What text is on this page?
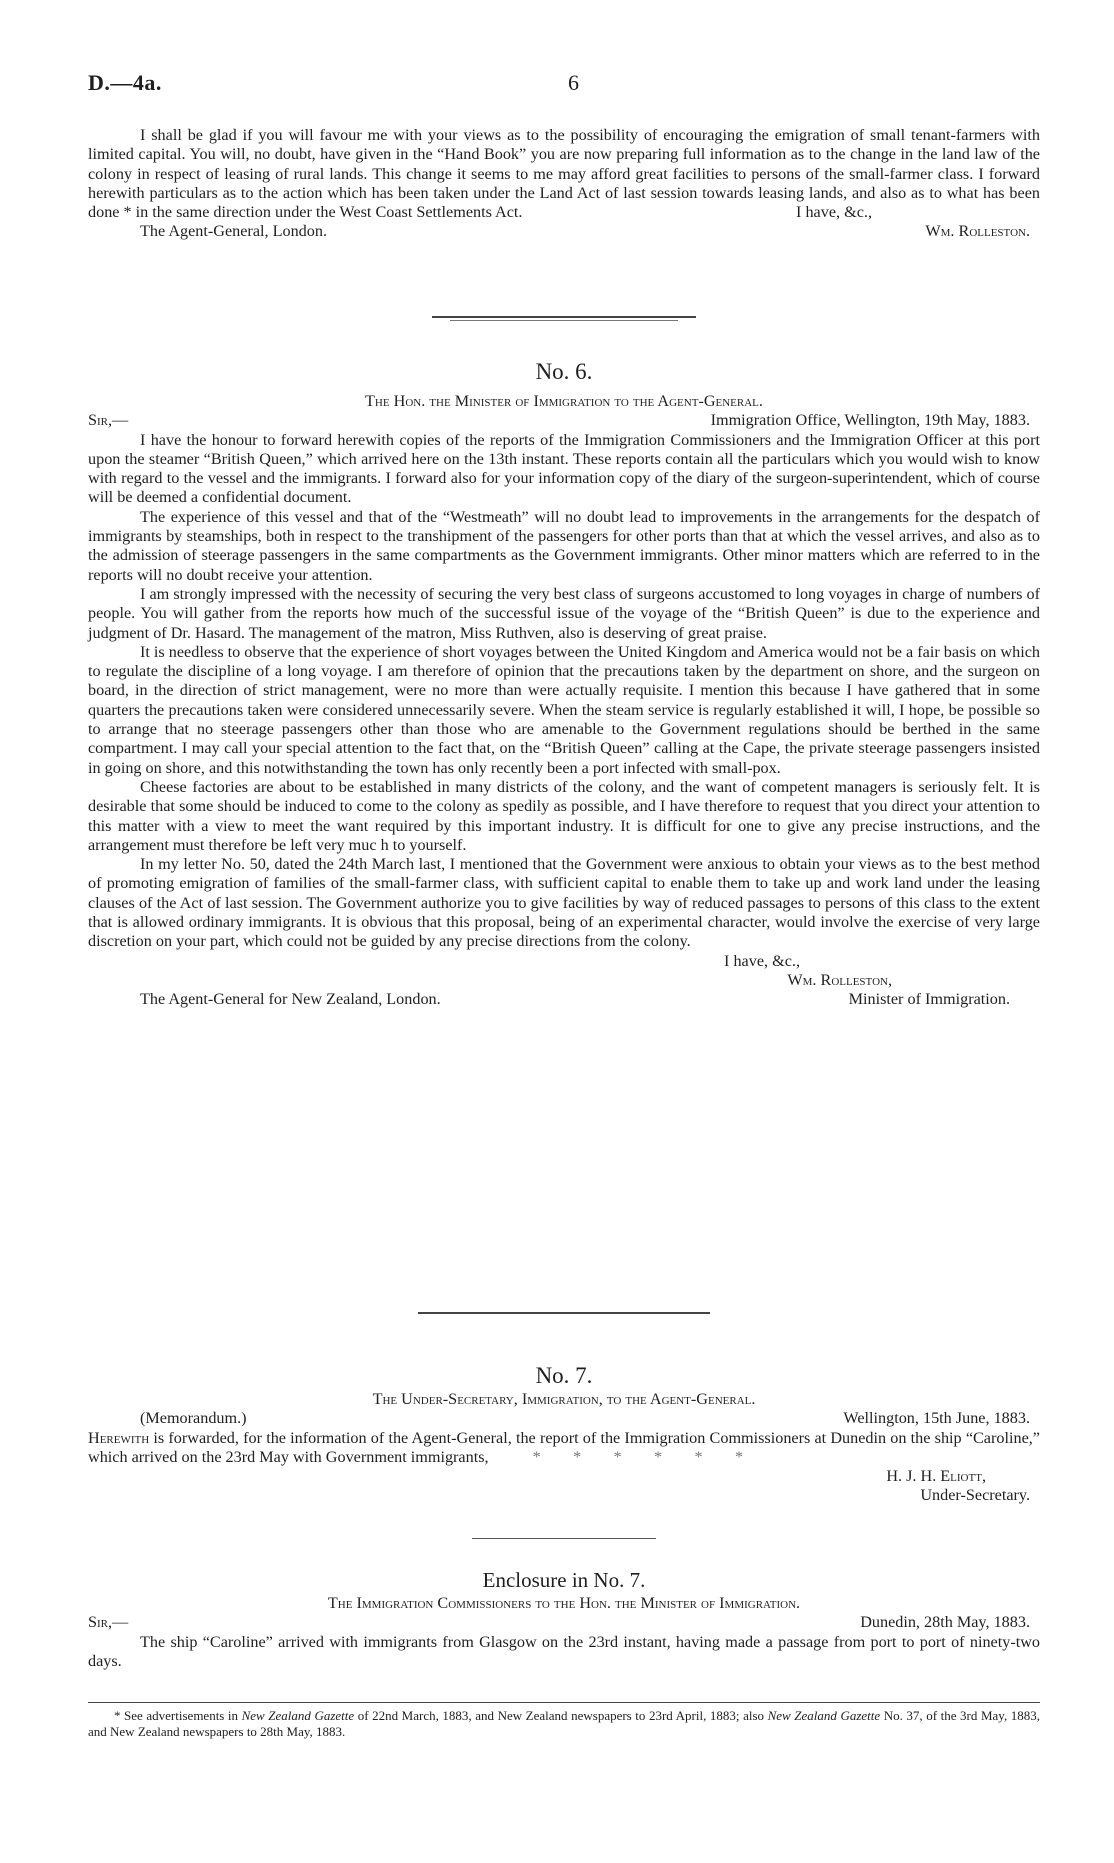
D.—4a.	6

I shall be glad if you will favour me with your views as to the possibility of encouraging the emigration of small tenant-farmers with limited capital. You will, no doubt, have given in the “Hand Book” you are now preparing full information as to the change in the land law of the colony in respect of leasing of rural lands. This change it seems to me may afford great facilities to persons of the small-farmer class. I forward herewith particulars as to the action which has been taken under the Land Act of last session towards leasing lands, and also as to what has been done * in the same direction under the West Coast Settlements Act.	I have, &c.,
The Agent-General, London.	Wm. Rolleston.
No. 6.
The Hon. the Minister of Immigration to the Agent-General.
Sir,—	Immigration Office, Wellington, 19th May, 1883.

I have the honour to forward herewith copies of the reports of the Immigration Commissioners and the Immigration Officer at this port upon the steamer “British Queen,” which arrived here on the 13th instant. These reports contain all the particulars which you would wish to know with regard to the vessel and the immigrants. I forward also for your information copy of the diary of the surgeon-superintendent, which of course will be deemed a confidential document.

The experience of this vessel and that of the “Westmeath” will no doubt lead to improvements in the arrangements for the despatch of immigrants by steamships, both in respect to the transhipment of the passengers for other ports than that at which the vessel arrives, and also as to the admission of steerage passengers in the same compartments as the Government immigrants. Other minor matters which are referred to in the reports will no doubt receive your attention.

I am strongly impressed with the necessity of securing the very best class of surgeons accustomed to long voyages in charge of numbers of people. You will gather from the reports how much of the successful issue of the voyage of the “British Queen” is due to the experience and judgment of Dr. Hasard. The management of the matron, Miss Ruthven, also is deserving of great praise.

It is needless to observe that the experience of short voyages between the United Kingdom and America would not be a fair basis on which to regulate the discipline of a long voyage. I am therefore of opinion that the precautions taken by the department on shore, and the surgeon on board, in the direction of strict management, were no more than were actually requisite. I mention this because I have gathered that in some quarters the precautions taken were considered unnecessarily severe. When the steam service is regularly established it will, I hope, be possible so to arrange that no steerage passengers other than those who are amenable to the Government regulations should be berthed in the same compartment. I may call your special attention to the fact that, on the “British Queen” calling at the Cape, the private steerage passengers insisted in going on shore, and this notwithstanding the town has only recently been a port infected with small-pox.

Cheese factories are about to be established in many districts of the colony, and the want of competent managers is seriously felt. It is desirable that some should be induced to come to the colony as spedily as possible, and I have therefore to request that you direct your attention to this matter with a view to meet the want required by this important industry. It is difficult for one to give any precise instructions, and the arrangement must therefore be left very muc h to yourself.

In my letter No. 50, dated the 24th March last, I mentioned that the Government were anxious to obtain your views as to the best method of promoting emigration of families of the small-farmer class, with sufficient capital to enable them to take up and work land under the leasing clauses of the Act of last session. The Government authorize you to give facilities by way of reduced passages to persons of this class to the extent that is allowed ordinary immigrants. It is obvious that this proposal, being of an experimental character, would involve the exercise of very large discretion on your part, which could not be guided by any precise directions from the colony.

I have, &c.,
Wm. Rolleston,
The Agent-General for New Zealand, London.	Minister of Immigration.
No. 7.
The Under-Secretary, Immigration, to the Agent-General.
(Memorandum.)	Wellington, 15th June, 1883.

Herewith is forwarded, for the information of the Agent-General, the report of the Immigration Commissioners at Dunedin on the ship “Caroline,” which arrived on the 23rd May with Government immigrants,	*        *        *        *        *        *

H. J. H. Eliott,
Under-Secretary.
Enclosure in No. 7.
The Immigration Commissioners to the Hon. the Minister of Immigration.
Sir,—	Dunedin, 28th May, 1883.

The ship “Caroline” arrived with immigrants from Glasgow on the 23rd instant, having made a passage from port to port of ninety-two days.

* See advertisements in New Zealand Gazette of 22nd March, 1883, and New Zealand newspapers to 23rd April, 1883; also New Zealand Gazette No. 37, of the 3rd May, 1883, and New Zealand newspapers to 28th May, 1883.
